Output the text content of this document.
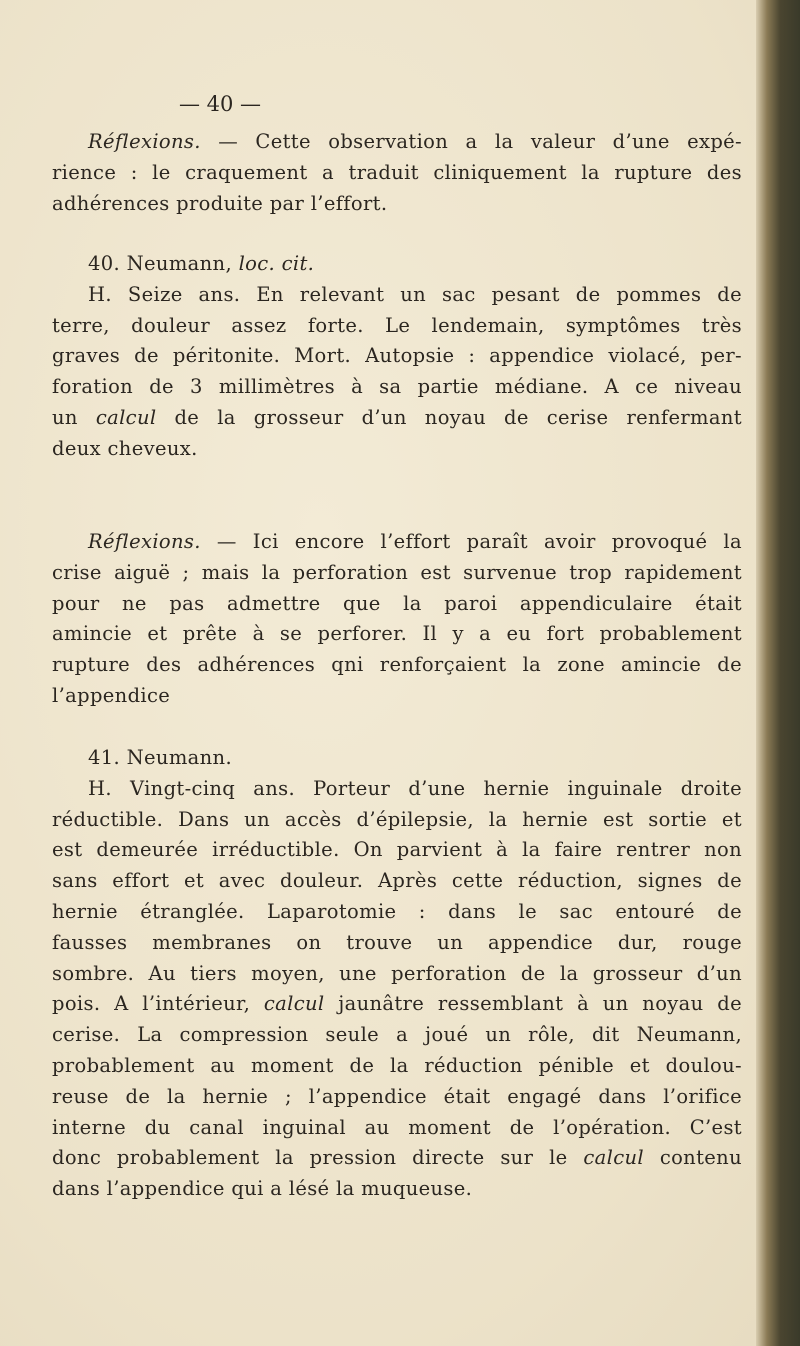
— 40 —
Réflexions. — Cette observation a la valeur d’une expé-
rience : le craquement a traduit cliniquement la rupture des
adhérences produite par l’effort.
40. Neumann, loc. cit.
H. Seize ans. En relevant un sac pesant de pommes de
terre, douleur assez forte. Le lendemain, symptômes très
graves de péritonite. Mort. Autopsie : appendice violacé, per-
foration de 3 millimètres à sa partie médiane. A ce niveau
un calcul de la grosseur d’un noyau de cerise renfermant
deux cheveux.
Réflexions. — Ici encore l’effort paraît avoir provoqué la
crise aiguë ; mais la perforation est survenue trop rapidement
pour ne pas admettre que la paroi appendiculaire était
amincie et prête à se perforer. Il y a eu fort probablement
rupture des adhérences qni renforçaient la zone amincie de
l’appendice
41. Neumann.
H. Vingt-cinq ans. Porteur d’une hernie inguinale droite
réductible. Dans un accès d’épilepsie, la hernie est sortie et
est demeurée irréductible. On parvient à la faire rentrer non
sans effort et avec douleur. Après cette réduction, signes de
hernie étranglée. Laparotomie : dans le sac entouré de
fausses membranes on trouve un appendice dur, rouge
sombre. Au tiers moyen, une perforation de la grosseur d’un
pois. A l’intérieur, calcul jaunâtre ressemblant à un noyau de
cerise. La compression seule a joué un rôle, dit Neumann,
probablement au moment de la réduction pénible et doulou-
reuse de la hernie ; l’appendice était engagé dans l’orifice
interne du canal inguinal au moment de l’opération. C’est
donc probablement la pression directe sur le calcul contenu
dans l’appendice qui a lésé la muqueuse.
